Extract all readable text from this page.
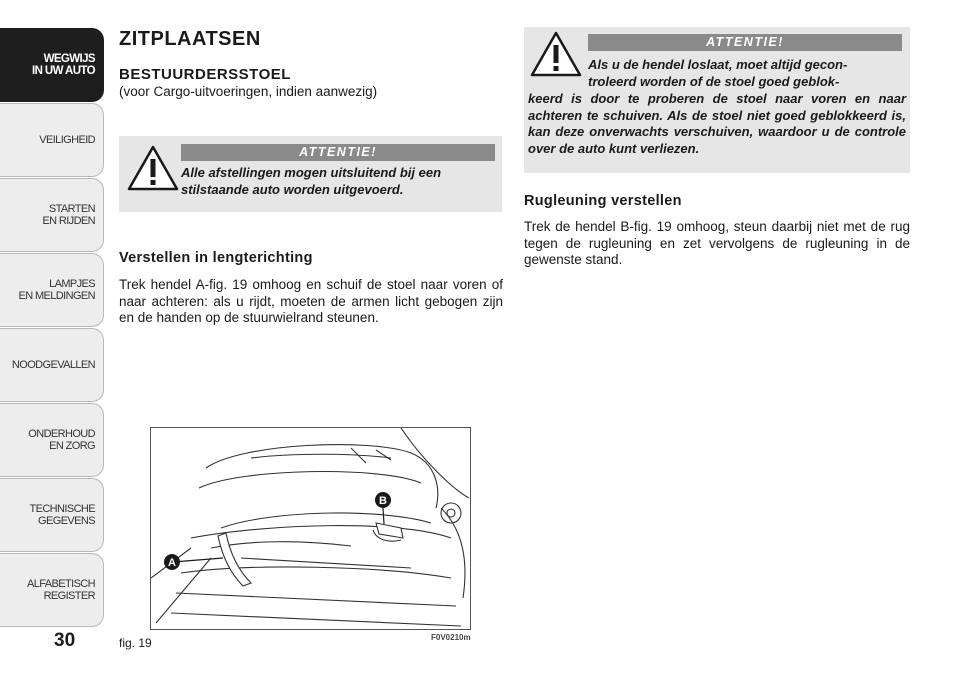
WEGWIJS
IN UW AUTO
VEILIGHEID
STARTEN
EN RIJDEN
LAMPJES
EN MELDINGEN
NOODGEVALLEN
ONDERHOUD
EN ZORG
TECHNISCHE
GEGEVENS
ALFABETISCH
REGISTER
30
ZITPLAATSEN
BESTUURDERSSTOEL
(voor Cargo-uitvoeringen, indien aanwezig)
ATTENTIE!
Alle afstellingen mogen uitsluitend bij een stilstaande auto worden uitgevoerd.
Verstellen in lengterichting
Trek hendel A-fig. 19 omhoog en schuif de stoel naar voren of naar achteren: als u rijdt, moeten de armen licht gebogen zijn en de handen op de stuurwielrand steunen.
ATTENTIE!
Als u de hendel loslaat, moet altijd gecon-
troleerd worden of de stoel goed geblok-
keerd is door te proberen de stoel naar voren en naar achteren te schuiven. Als de stoel niet goed geblokkeerd is, kan deze onverwachts verschuiven, waardoor u de controle over de auto kunt verliezen.
Rugleuning verstellen
Trek de hendel B-fig. 19 omhoog, steun daarbij niet met de rug tegen de rugleuning en zet vervolgens de rugleuning in de gewenste stand.
A
B
fig. 19	F0V0210m
